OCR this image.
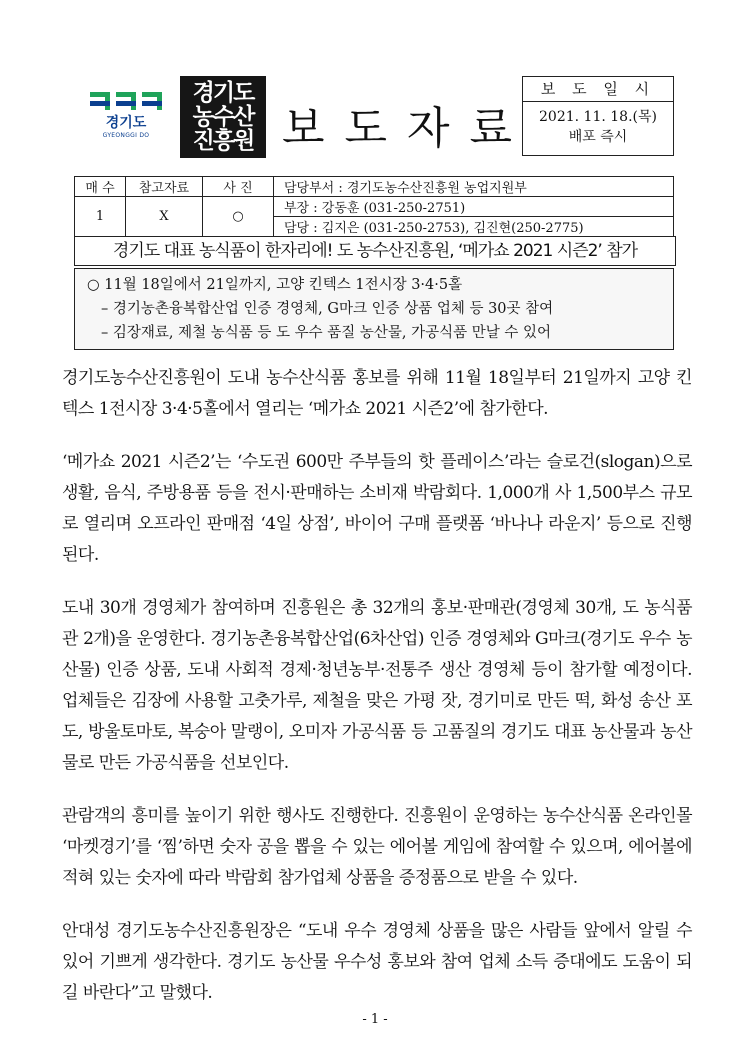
경기도
GYEONGGI DO
경기도
농수산
진흥원 보도자료
보 도 일 시
2021. 11. 18.(목)
배포 즉시
매 수	참고자료	사 진	담당부서 : 경기도농수산진흥원 농업지원부
1	X	○	부장 : 강동훈 (031-250-2751)
			담당 : 김지은 (031-250-2753), 김진현(250-2775)
경기도 대표 농식품이 한자리에! 도 농수산진흥원, ‘메가쇼 2021 시즌2’ 참가
○ 11월 18일에서 21일까지, 고양 킨텍스 1전시장 3·4·5홀
– 경기농촌융복합산업 인증 경영체, G마크 인증 상품 업체 등 30곳 참여
– 김장재료, 제철 농식품 등 도 우수 품질 농산물, 가공식품 만날 수 있어

경기도농수산진흥원이 도내 농수산식품 홍보를 위해 11월 18일부터 21일까지 고양 킨텍스 1전시장 3·4·5홀에서 열리는 ‘메가쇼 2021 시즌2’에 참가한다.

‘메가쇼 2021 시즌2’는 ‘수도권 600만 주부들의 핫 플레이스’라는 슬로건(slogan)으로 생활, 음식, 주방용품 등을 전시·판매하는 소비재 박람회다. 1,000개 사 1,500부스 규모로 열리며 오프라인 판매점 ‘4일 상점’, 바이어 구매 플랫폼 ‘바나나 라운지’ 등으로 진행된다.

도내 30개 경영체가 참여하며 진흥원은 총 32개의 홍보·판매관(경영체 30개, 도 농식품관 2개)을 운영한다. 경기농촌융복합산업(6차산업) 인증 경영체와 G마크(경기도 우수 농산물) 인증 상품, 도내 사회적 경제·청년농부·전통주 생산 경영체 등이 참가할 예정이다. 업체들은 김장에 사용할 고춧가루, 제철을 맞은 가평 잣, 경기미로 만든 떡, 화성 송산 포도, 방울토마토, 복숭아 말랭이, 오미자 가공식품 등 고품질의 경기도 대표 농산물과 농산물로 만든 가공식품을 선보인다.

관람객의 흥미를 높이기 위한 행사도 진행한다. 진흥원이 운영하는 농수산식품 온라인몰 ‘마켓경기’를 ‘찜’하면 숫자 공을 뽑을 수 있는 에어볼 게임에 참여할 수 있으며, 에어볼에 적혀 있는 숫자에 따라 박람회 참가업체 상품을 증정품으로 받을 수 있다.

안대성 경기도농수산진흥원장은 “도내 우수 경영체 상품을 많은 사람들 앞에서 알릴 수 있어 기쁘게 생각한다. 경기도 농산물 우수성 홍보와 참여 업체 소득 증대에도 도움이 되길 바란다”고 말했다.

- 1 -
